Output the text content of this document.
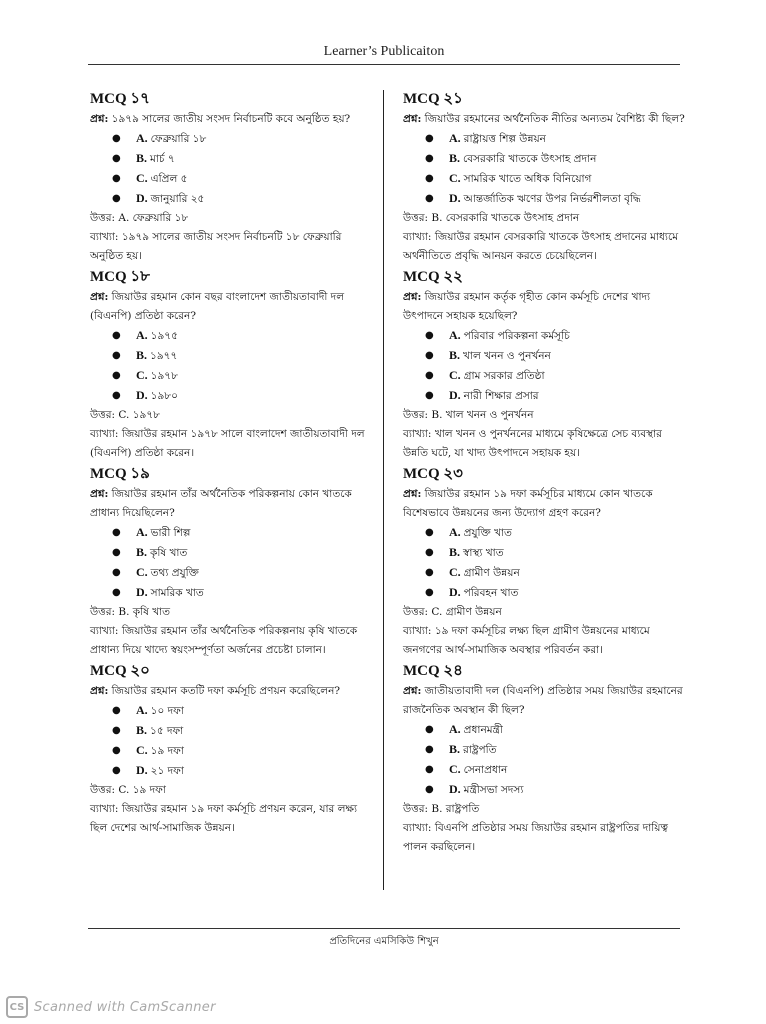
Learner’s Publicaiton
MCQ ১৭
প্রশ্ন: ১৯৭৯ সালের জাতীয় সংসদ নির্বাচনটি কবে অনুষ্ঠিত হয়?
● A. ফেব্রুয়ারি ১৮
● B. মার্চ ৭
● C. এপ্রিল ৫
● D. জানুয়ারি ২৫
উত্তর: A. ফেব্রুয়ারি ১৮
ব্যাখ্যা: ১৯৭৯ সালের জাতীয় সংসদ নির্বাচনটি ১৮ ফেব্রুয়ারি অনুষ্ঠিত হয়।
MCQ ১৮
প্রশ্ন: জিয়াউর রহমান কোন বছর বাংলাদেশ জাতীয়তাবাদী দল (বিএনপি) প্রতিষ্ঠা করেন?
● A. ১৯৭৫
● B. ১৯৭৭
● C. ১৯৭৮
● D. ১৯৮০
উত্তর: C. ১৯৭৮
ব্যাখ্যা: জিয়াউর রহমান ১৯৭৮ সালে বাংলাদেশ জাতীয়তাবাদী দল (বিএনপি) প্রতিষ্ঠা করেন।
MCQ ১৯
প্রশ্ন: জিয়াউর রহমান তাঁর অর্থনৈতিক পরিকল্পনায় কোন খাতকে প্রাধান্য দিয়েছিলেন?
● A. ভারী শিল্প
● B. কৃষি খাত
● C. তথ্য প্রযুক্তি
● D. সামরিক খাত
উত্তর: B. কৃষি খাত
ব্যাখ্যা: জিয়াউর রহমান তাঁর অর্থনৈতিক পরিকল্পনায় কৃষি খাতকে প্রাধান্য দিয়ে খাদ্যে স্বয়ংসম্পূর্ণতা অর্জনের প্রচেষ্টা চালান।
MCQ ২০
প্রশ্ন: জিয়াউর রহমান কতটি দফা কর্মসূচি প্রণয়ন করেছিলেন?
● A. ১০ দফা
● B. ১৫ দফা
● C. ১৯ দফা
● D. ২১ দফা
উত্তর: C. ১৯ দফা
ব্যাখ্যা: জিয়াউর রহমান ১৯ দফা কর্মসূচি প্রণয়ন করেন, যার লক্ষ্য ছিল দেশের আর্থ-সামাজিক উন্নয়ন।
MCQ ২১
প্রশ্ন: জিয়াউর রহমানের অর্থনৈতিক নীতির অন্যতম বৈশিষ্ট্য কী ছিল?
● A. রাষ্ট্রায়ত্ত শিল্প উন্নয়ন
● B. বেসরকারি খাতকে উৎসাহ প্রদান
● C. সামরিক খাতে অধিক বিনিয়োগ
● D. আন্তর্জাতিক ঋণের উপর নির্ভরশীলতা বৃদ্ধি
উত্তর: B. বেসরকারি খাতকে উৎসাহ প্রদান
ব্যাখ্যা: জিয়াউর রহমান বেসরকারি খাতকে উৎসাহ প্রদানের মাধ্যমে অর্থনীতিতে প্রবৃদ্ধি আনয়ন করতে চেয়েছিলেন।
MCQ ২২
প্রশ্ন: জিয়াউর রহমান কর্তৃক গৃহীত কোন কর্মসূচি দেশের খাদ্য উৎপাদনে সহায়ক হয়েছিল?
● A. পরিবার পরিকল্পনা কর্মসূচি
● B. খাল খনন ও পুনর্খনন
● C. গ্রাম সরকার প্রতিষ্ঠা
● D. নারী শিক্ষার প্রসার
উত্তর: B. খাল খনন ও পুনর্খনন
ব্যাখ্যা: খাল খনন ও পুনর্খননের মাধ্যমে কৃষিক্ষেত্রে সেচ ব্যবস্থার উন্নতি ঘটে, যা খাদ্য উৎপাদনে সহায়ক হয়।
MCQ ২৩
প্রশ্ন: জিয়াউর রহমান ১৯ দফা কর্মসূচির মাধ্যমে কোন খাতকে বিশেষভাবে উন্নয়নের জন্য উদ্যোগ গ্রহণ করেন?
● A. প্রযুক্তি খাত
● B. স্বাস্থ্য খাত
● C. গ্রামীণ উন্নয়ন
● D. পরিবহন খাত
উত্তর: C. গ্রামীণ উন্নয়ন
ব্যাখ্যা: ১৯ দফা কর্মসূচির লক্ষ্য ছিল গ্রামীণ উন্নয়নের মাধ্যমে জনগণের আর্থ-সামাজিক অবস্থার পরিবর্তন করা।
MCQ ২৪
প্রশ্ন: জাতীয়তাবাদী দল (বিএনপি) প্রতিষ্ঠার সময় জিয়াউর রহমানের রাজনৈতিক অবস্থান কী ছিল?
● A. প্রধানমন্ত্রী
● B. রাষ্ট্রপতি
● C. সেনাপ্রধান
● D. মন্ত্রীসভা সদস্য
উত্তর: B. রাষ্ট্রপতি
ব্যাখ্যা: বিএনপি প্রতিষ্ঠার সময় জিয়াউর রহমান রাষ্ট্রপতির দায়িত্ব পালন করছিলেন।
প্রতিদিনের এমসিকিউ শিখুন
CS Scanned with CamScanner
